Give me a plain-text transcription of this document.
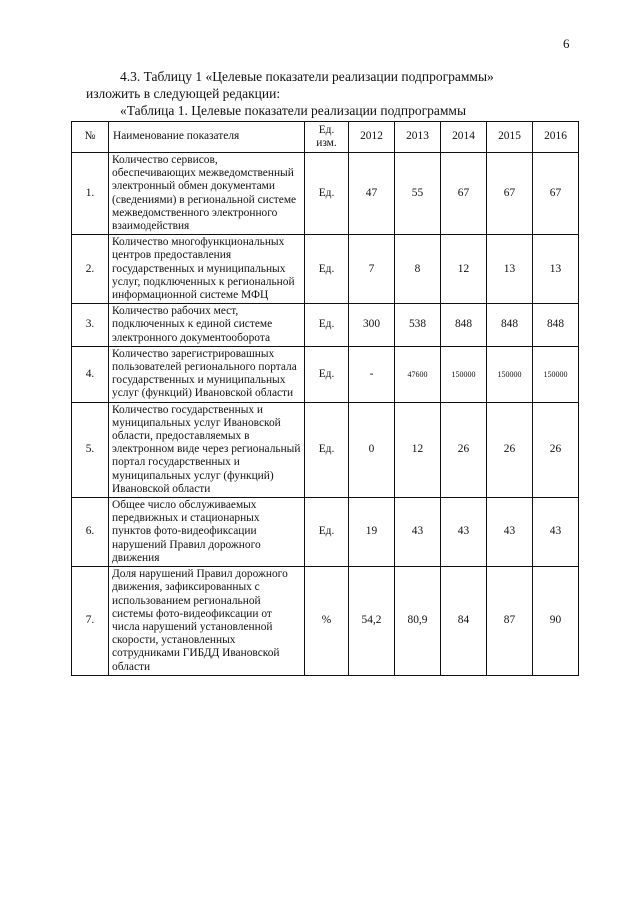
6

4.3. Таблицу 1 «Целевые показатели реализации подпрограммы»

изложить в следующей редакции:

«Таблица 1. Целевые показатели реализации подпрограммы
№	Наименование показателя	Ед. изм.	2012	2013	2014	2015	2016
1.	Количество сервисов, обеспечивающих межведомственный электронный обмен документами (сведениями) в региональной системе межведомственного электронного взаимодействия	Ед.	47	55	67	67	67
2.	Количество многофункциональных центров предоставления государственных и муниципальных услуг, подключенных к региональной информационной системе МФЦ	Ед.	7	8	12	13	13
3.	Количество рабочих мест, подключенных к единой системе электронного документооборота	Ед.	300	538	848	848	848
4.	Количество зарегистрировашных пользователей регионального портала государственных и муниципальных услуг (функций) Ивановской области	Ед.	-	47600	150000	150000	150000
5.	Количество государственных и муниципальных услуг Ивановской области, предоставляемых в электронном виде через региональный портал государственных и муниципальных услуг (функций) Ивановской области	Ед.	0	12	26	26	26
6.	Общее число обслуживаемых передвижных и стационарных пунктов фото-видеофиксации нарушений Правил дорожного движения	Ед.	19	43	43	43	43
7.	Доля нарушений Правил дорожного движения, зафиксированных с использованием региональной системы фото-видеофиксации от числа нарушений установленной скорости, установленных сотрудниками ГИБДД Ивановской области	%	54,2	80,9	84	87	90
